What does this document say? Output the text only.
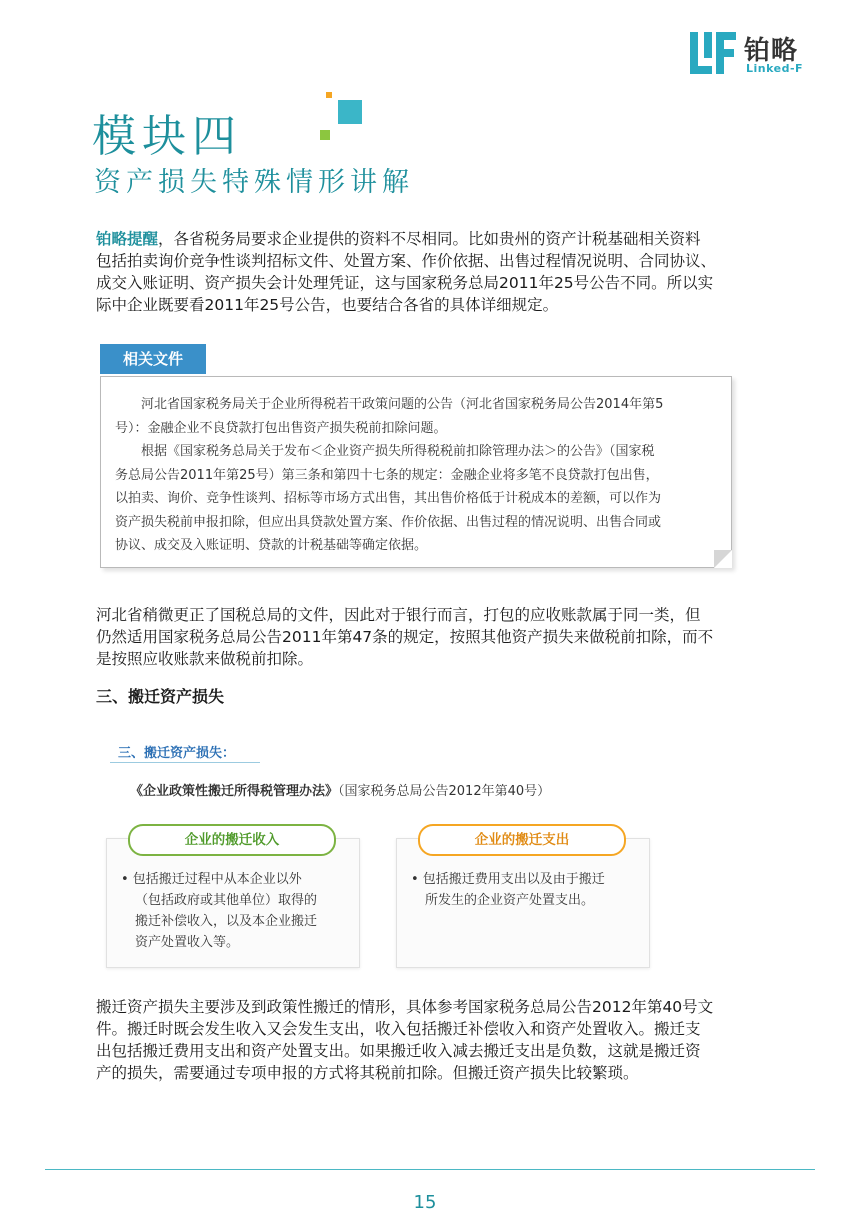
铂略
Linked-F
模块四
资产损失特殊情形讲解
铂略提醒，各省税务局要求企业提供的资料不尽相同。比如贵州的资产计税基础相关资料
包括拍卖询价竞争性谈判招标文件、处置方案、作价依据、出售过程情况说明、合同协议、
成交入账证明、资产损失会计处理凭证，这与国家税务总局2011年25号公告不同。所以实
际中企业既要看2011年25号公告，也要结合各省的具体详细规定。
相关文件
　　河北省国家税务局关于企业所得税若干政策问题的公告（河北省国家税务局公告2014年第5
号）：金融企业不良贷款打包出售资产损失税前扣除问题。
　　根据《国家税务总局关于发布＜企业资产损失所得税税前扣除管理办法＞的公告》（国家税
务总局公告2011年第25号）第三条和第四十七条的规定：金融企业将多笔不良贷款打包出售，
以拍卖、询价、竞争性谈判、招标等市场方式出售，其出售价格低于计税成本的差额，可以作为
资产损失税前申报扣除，但应出具贷款处置方案、作价依据、出售过程的情况说明、出售合同或
协议、成交及入账证明、贷款的计税基础等确定依据。
河北省稍微更正了国税总局的文件，因此对于银行而言，打包的应收账款属于同一类，但
仍然适用国家税务总局公告2011年第47条的规定，按照其他资产损失来做税前扣除，而不
是按照应收账款来做税前扣除。
三、搬迁资产损失
三、搬迁资产损失：
《企业政策性搬迁所得税管理办法》（国家税务总局公告2012年第40号）
• 包括搬迁过程中从本企业以外
（包括政府或其他单位）取得的
搬迁补偿收入，以及本企业搬迁
资产处置收入等。
企业的搬迁收入
• 包括搬迁费用支出以及由于搬迁
所发生的企业资产处置支出。
企业的搬迁支出
搬迁资产损失主要涉及到政策性搬迁的情形，具体参考国家税务总局公告2012年第40号文
件。搬迁时既会发生收入又会发生支出，收入包括搬迁补偿收入和资产处置收入。搬迁支
出包括搬迁费用支出和资产处置支出。如果搬迁收入减去搬迁支出是负数，这就是搬迁资
产的损失，需要通过专项申报的方式将其税前扣除。但搬迁资产损失比较繁琐。
15
